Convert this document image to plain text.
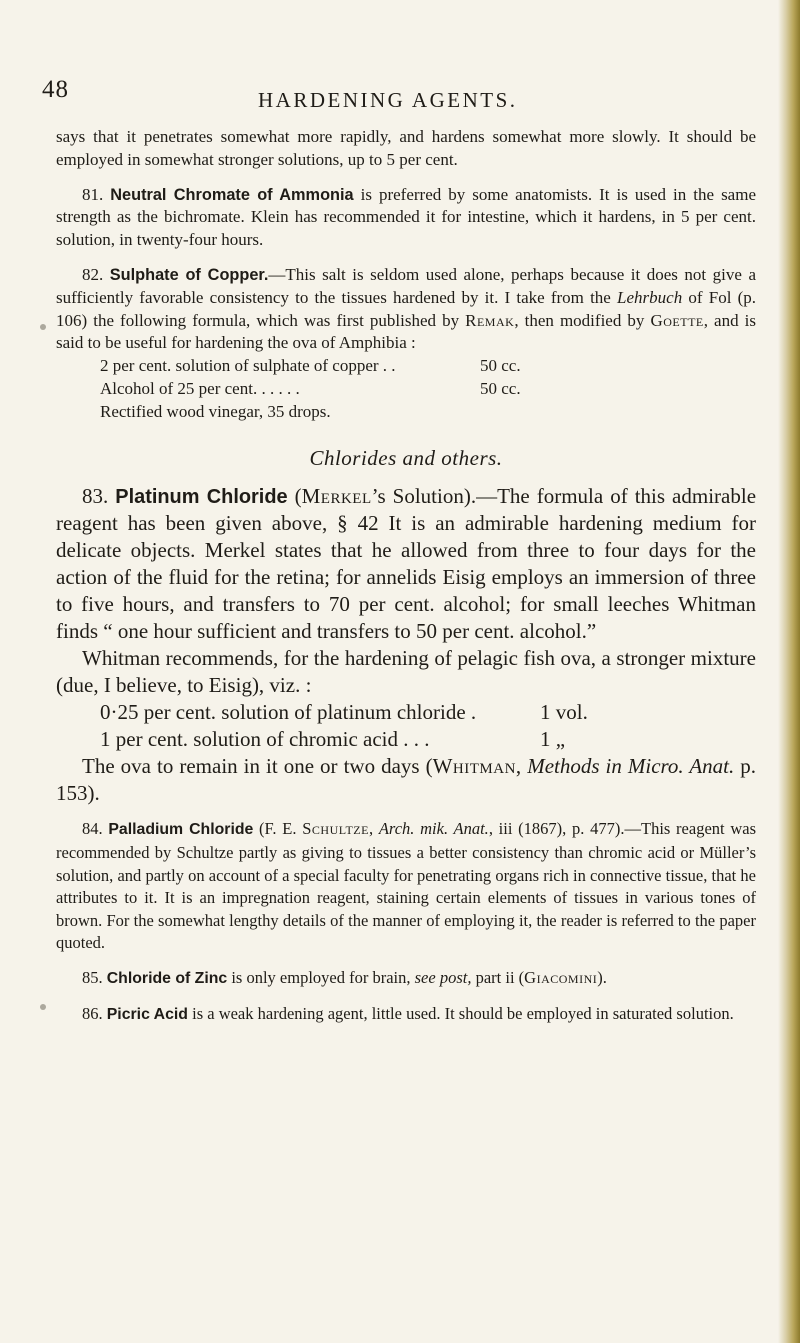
48	HARDENING AGENTS.

says that it penetrates somewhat more rapidly, and hardens somewhat more slowly. It should be employed in somewhat stronger solutions, up to 5 per cent.

81. Neutral Chromate of Ammonia is preferred by some anatomists. It is used in the same strength as the bichromate. Klein has recommended it for intestine, which it hardens, in 5 per cent. solution, in twenty-four hours.

82. Sulphate of Copper.—This salt is seldom used alone, perhaps because it does not give a sufficiently favorable consistency to the tissues hardened by it. I take from the Lehrbuch of Fol (p. 106) the following formula, which was first published by Remak, then modified by Goette, and is said to be useful for hardening the ova of Amphibia :

2 per cent. solution of sulphate of copper . .	50 cc.
Alcohol of 25 per cent. . . . . .	50 cc.
Rectified wood vinegar, 35 drops.
Chlorides and others.

83. Platinum Chloride (Merkel’s Solution).—The formula of this admirable reagent has been given above, § 42 It is an admirable hardening medium for delicate objects. Merkel states that he allowed from three to four days for the action of the fluid for the retina; for annelids Eisig employs an immersion of three to five hours, and transfers to 70 per cent. alcohol; for small leeches Whitman finds “ one hour sufficient and transfers to 50 per cent. alcohol.”

Whitman recommends, for the hardening of pelagic fish ova, a stronger mixture (due, I believe, to Eisig), viz. :

0·25 per cent. solution of platinum chloride .	1 vol.
1 per cent. solution of chromic acid . . .	1 „

The ova to remain in it one or two days (Whitman, Methods in Micro. Anat. p. 153).

84. Palladium Chloride (F. E. Schultze, Arch. mik. Anat., iii (1867), p. 477).—This reagent was recommended by Schultze partly as giving to tissues a better consistency than chromic acid or Müller’s solution, and partly on account of a special faculty for penetrating organs rich in connective tissue, that he attributes to it. It is an impregnation reagent, staining certain elements of tissues in various tones of brown. For the somewhat lengthy details of the manner of employing it, the reader is referred to the paper quoted.

85. Chloride of Zinc is only employed for brain, see post, part ii (Giacomini).

86. Picric Acid is a weak hardening agent, little used. It should be employed in saturated solution.
